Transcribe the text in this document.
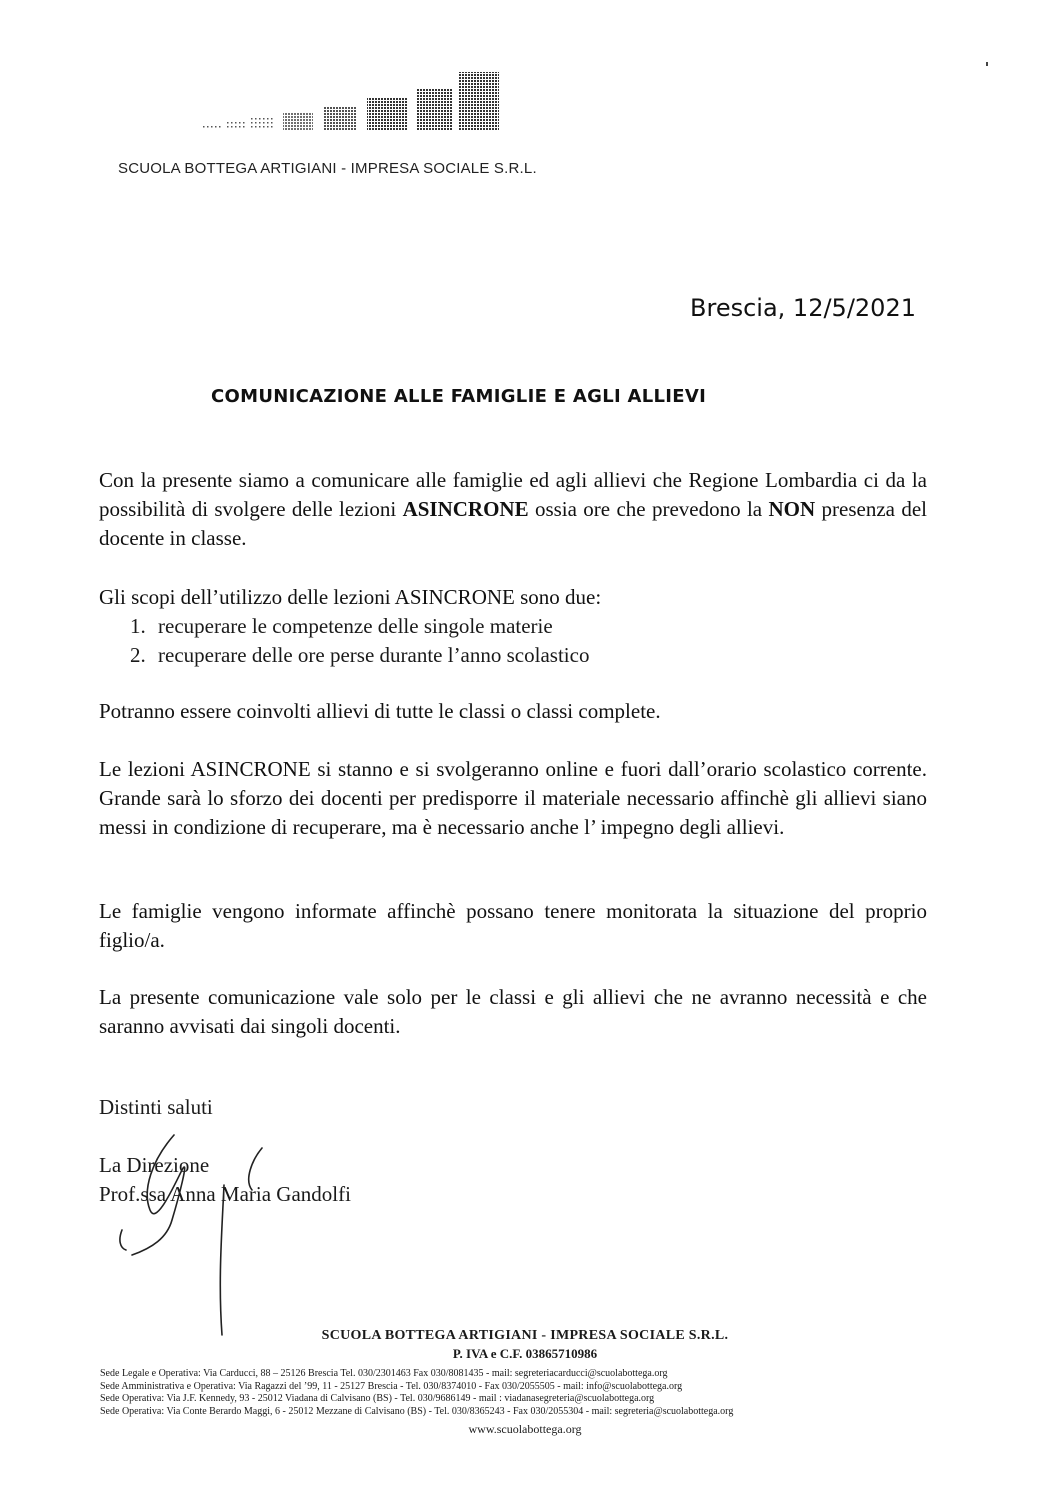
SCUOLA BOTTEGA ARTIGIANI - IMPRESA SOCIALE S.R.L.
Brescia, 12/5/2021
COMUNICAZIONE ALLE FAMIGLIE E AGLI ALLIEVI
Con la presente siamo a comunicare alle famiglie ed agli allievi che Regione Lombardia ci da la possibilità di svolgere delle lezioni ASINCRONE ossia ore che prevedono la NON presenza del docente in classe.
Gli scopi dell’utilizzo delle lezioni ASINCRONE sono due:
1. recuperare le competenze delle singole materie
2. recuperare delle ore perse durante l’anno scolastico
Potranno essere coinvolti allievi di tutte le classi o classi complete.
Le lezioni ASINCRONE si stanno e si svolgeranno online e fuori dall’orario scolastico corrente. Grande sarà lo sforzo dei docenti per predisporre il materiale necessario affinchè gli allievi siano messi in condizione di recuperare, ma è necessario anche l’ impegno degli allievi.
Le famiglie vengono informate affinchè possano tenere monitorata la situazione del proprio figlio/a.
La presente comunicazione vale solo per le classi e gli allievi che ne avranno necessità e che saranno avvisati dai singoli docenti.
Distinti saluti
La Direzione
Prof.ssa Anna Maria Gandolfi
SCUOLA BOTTEGA ARTIGIANI - IMPRESA SOCIALE S.R.L.
P. IVA e C.F. 03865710986
Sede Legale e Operativa: Via Carducci, 88 – 25126 Brescia Tel. 030/2301463 Fax 030/8081435 - mail: segreteriacarducci@scuolabottega.org
Sede Amministrativa e Operativa: Via Ragazzi del ’99, 11 - 25127 Brescia - Tel. 030/8374010 - Fax 030/2055505 - mail: info@scuolabottega.org
Sede Operativa: Via J.F. Kennedy, 93 - 25012 Viadana di Calvisano (BS) - Tel. 030/9686149 - mail : viadanasegreteria@scuolabottega.org
Sede Operativa: Via Conte Berardo Maggi, 6 - 25012 Mezzane di Calvisano (BS) - Tel. 030/8365243 - Fax 030/2055304 - mail: segreteria@scuolabottega.org
www.scuolabottega.org
